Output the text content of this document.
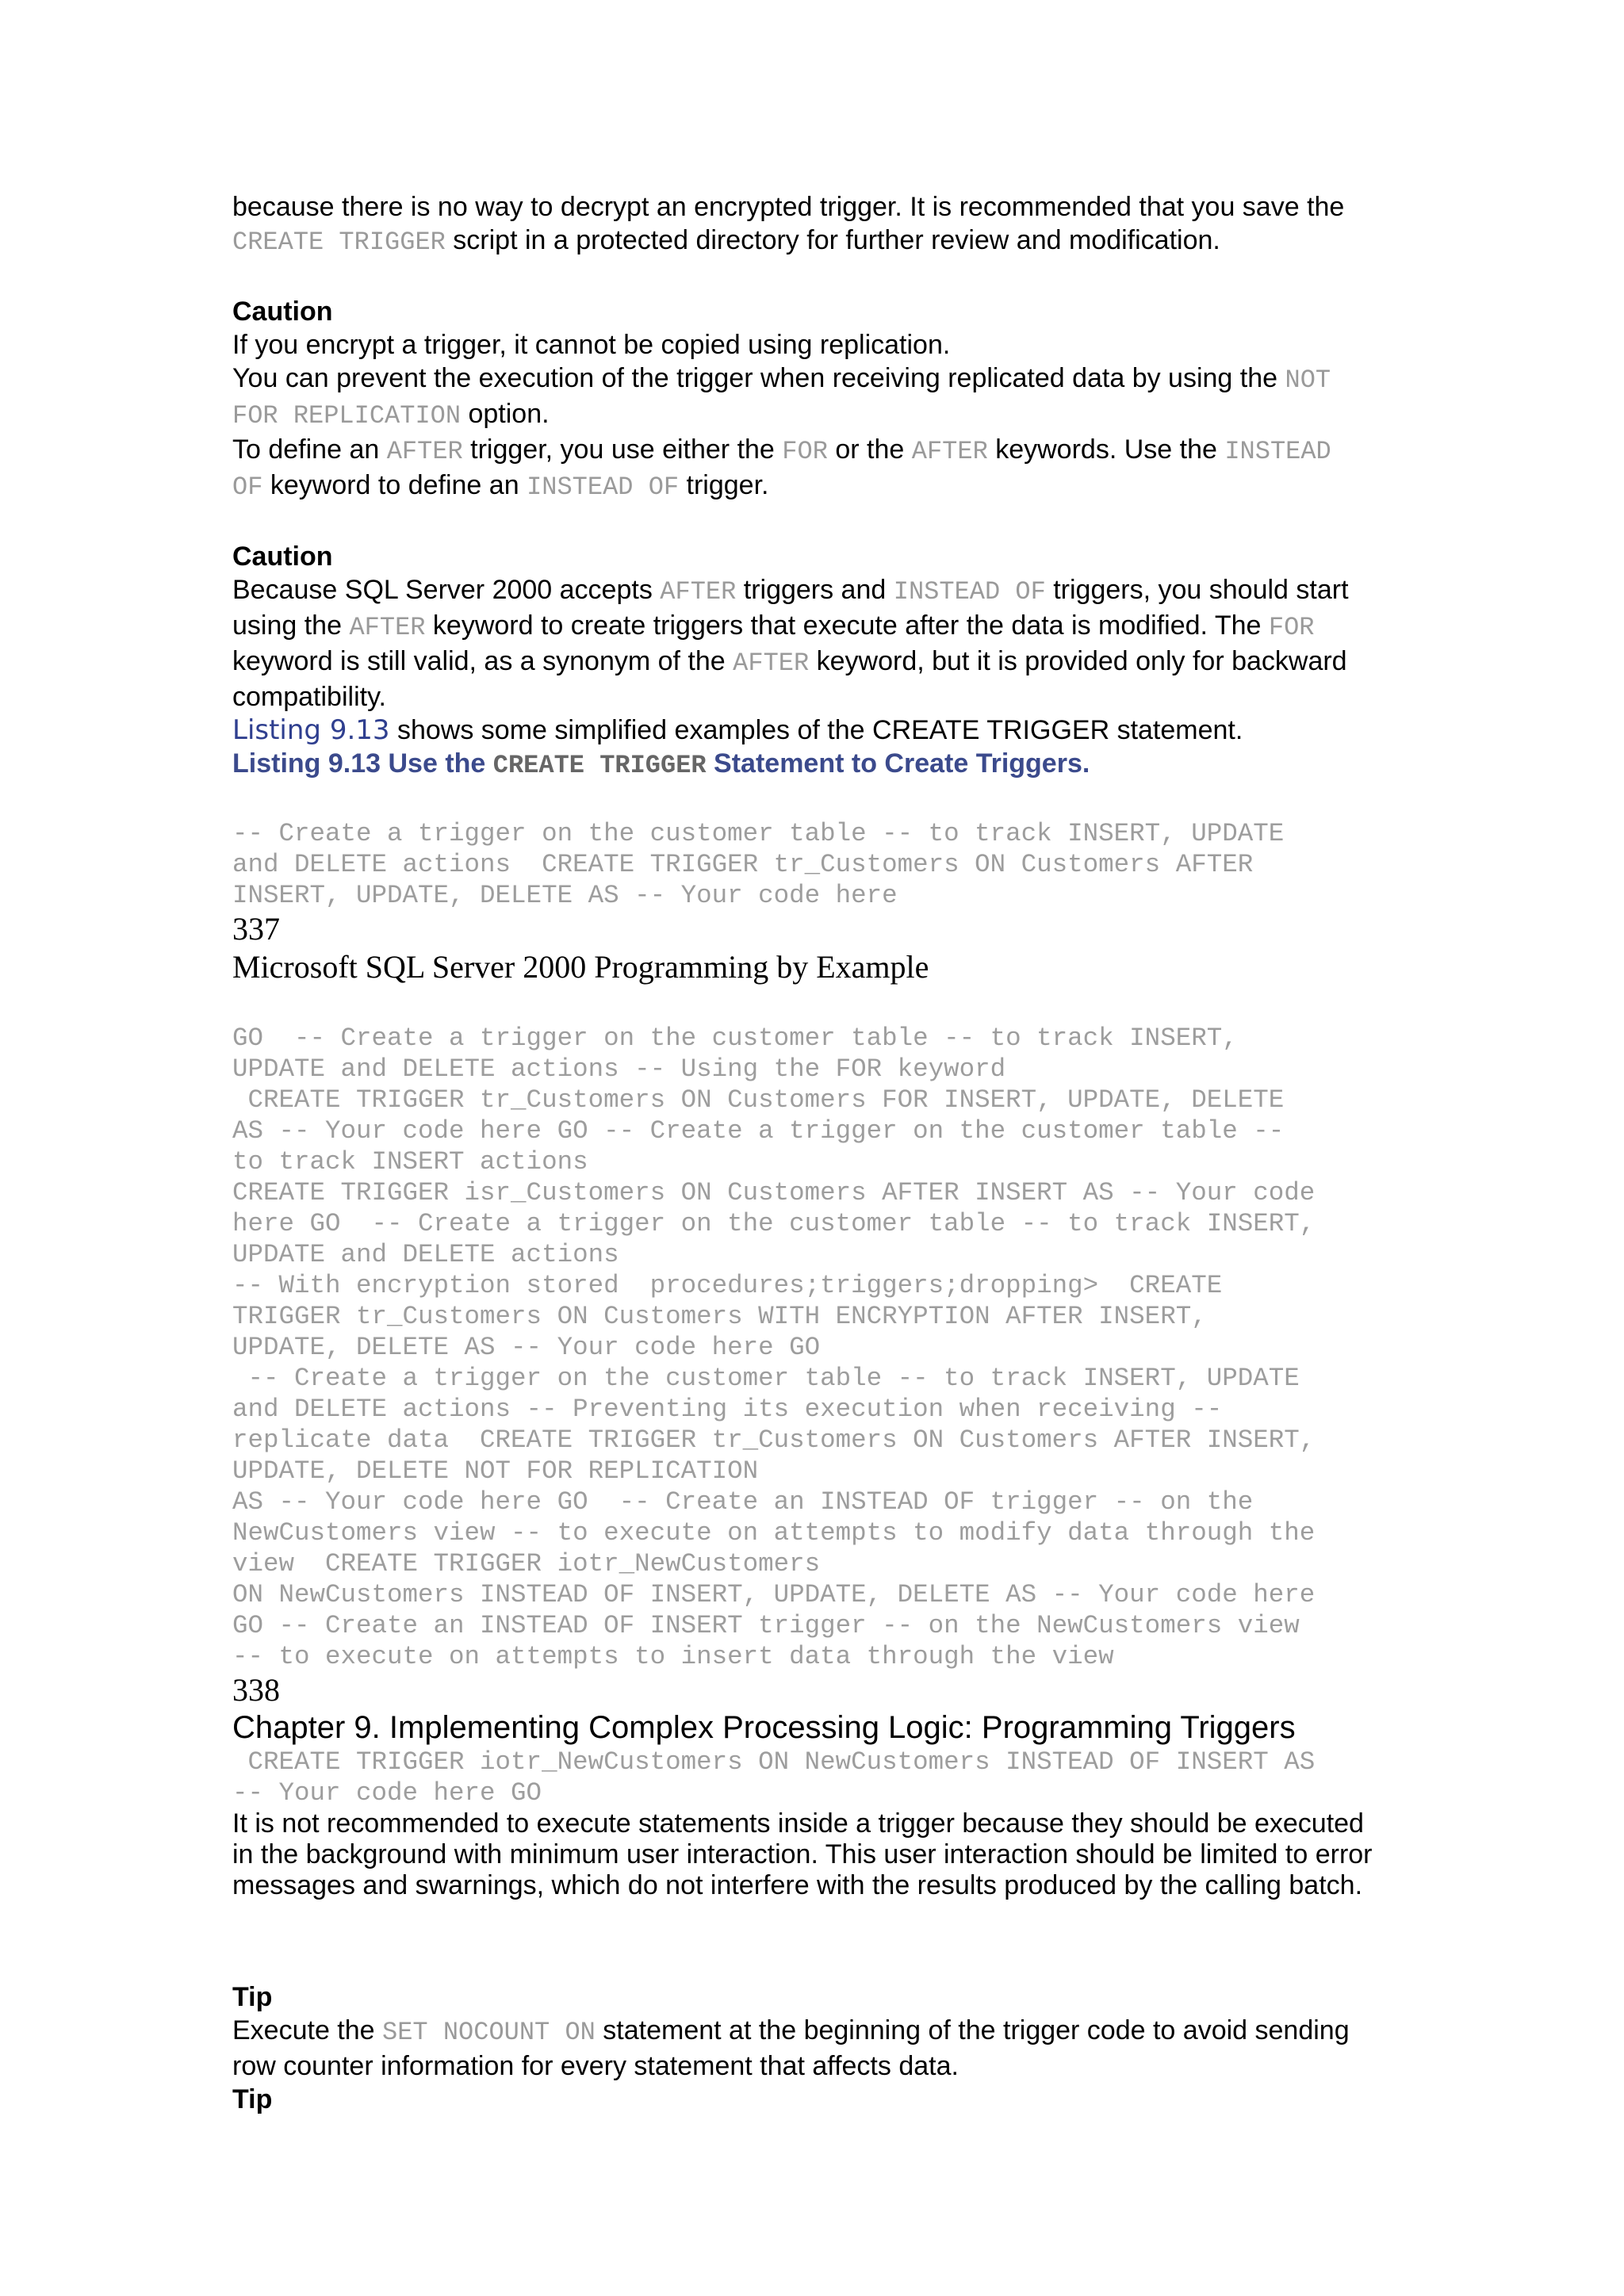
because there is no way to decrypt an encrypted trigger. It is recommended that you save the
CREATE TRIGGER script in a protected directory for further review and modification.

Caution

If you encrypt a trigger, it cannot be copied using replication.
You can prevent the execution of the trigger when receiving replicated data by using the NOT
FOR REPLICATION option.
To define an AFTER trigger, you use either the FOR or the AFTER keywords. Use the INSTEAD
OF keyword to define an INSTEAD OF trigger.

Caution

Because SQL Server 2000 accepts AFTER triggers and INSTEAD OF triggers, you should start
using the AFTER keyword to create triggers that execute after the data is modified. The FOR
keyword is still valid, as a synonym of the AFTER keyword, but it is provided only for backward
compatibility.

Listing 9.13 shows some simplified examples of the CREATE TRIGGER statement.

Listing 9.13 Use the CREATE TRIGGER Statement to Create Triggers.

-- Create a trigger on the customer table -- to track INSERT, UPDATE
and DELETE actions  CREATE TRIGGER tr_Customers ON Customers AFTER
INSERT, UPDATE, DELETE AS -- Your code here
337
Microsoft SQL Server 2000 Programming by Example
GO  -- Create a trigger on the customer table -- to track INSERT,
UPDATE and DELETE actions -- Using the FOR keyword
CREATE TRIGGER tr_Customers ON Customers FOR INSERT, UPDATE, DELETE
AS -- Your code here GO -- Create a trigger on the customer table --
to track INSERT actions
CREATE TRIGGER isr_Customers ON Customers AFTER INSERT AS -- Your code
here GO  -- Create a trigger on the customer table -- to track INSERT,
UPDATE and DELETE actions
-- With encryption stored  procedures;triggers;dropping>  CREATE
TRIGGER tr_Customers ON Customers WITH ENCRYPTION AFTER INSERT,
UPDATE, DELETE AS -- Your code here GO
-- Create a trigger on the customer table -- to track INSERT, UPDATE
and DELETE actions -- Preventing its execution when receiving --
replicate data  CREATE TRIGGER tr_Customers ON Customers AFTER INSERT,
UPDATE, DELETE NOT FOR REPLICATION
AS -- Your code here GO  -- Create an INSTEAD OF trigger -- on the
NewCustomers view -- to execute on attempts to modify data through the
view  CREATE TRIGGER iotr_NewCustomers
ON NewCustomers INSTEAD OF INSERT, UPDATE, DELETE AS -- Your code here
GO -- Create an INSTEAD OF INSERT trigger -- on the NewCustomers view
-- to execute on attempts to insert data through the view
338
Chapter 9. Implementing Complex Processing Logic: Programming Triggers
CREATE TRIGGER iotr_NewCustomers ON NewCustomers INSTEAD OF INSERT AS
-- Your code here GO

It is not recommended to execute statements inside a trigger because they should be executed
in the background with minimum user interaction. This user interaction should be limited to error
messages and swarnings, which do not interfere with the results produced by the calling batch.

Tip

Execute the SET NOCOUNT ON statement at the beginning of the trigger code to avoid sending
row counter information for every statement that affects data.

Tip
